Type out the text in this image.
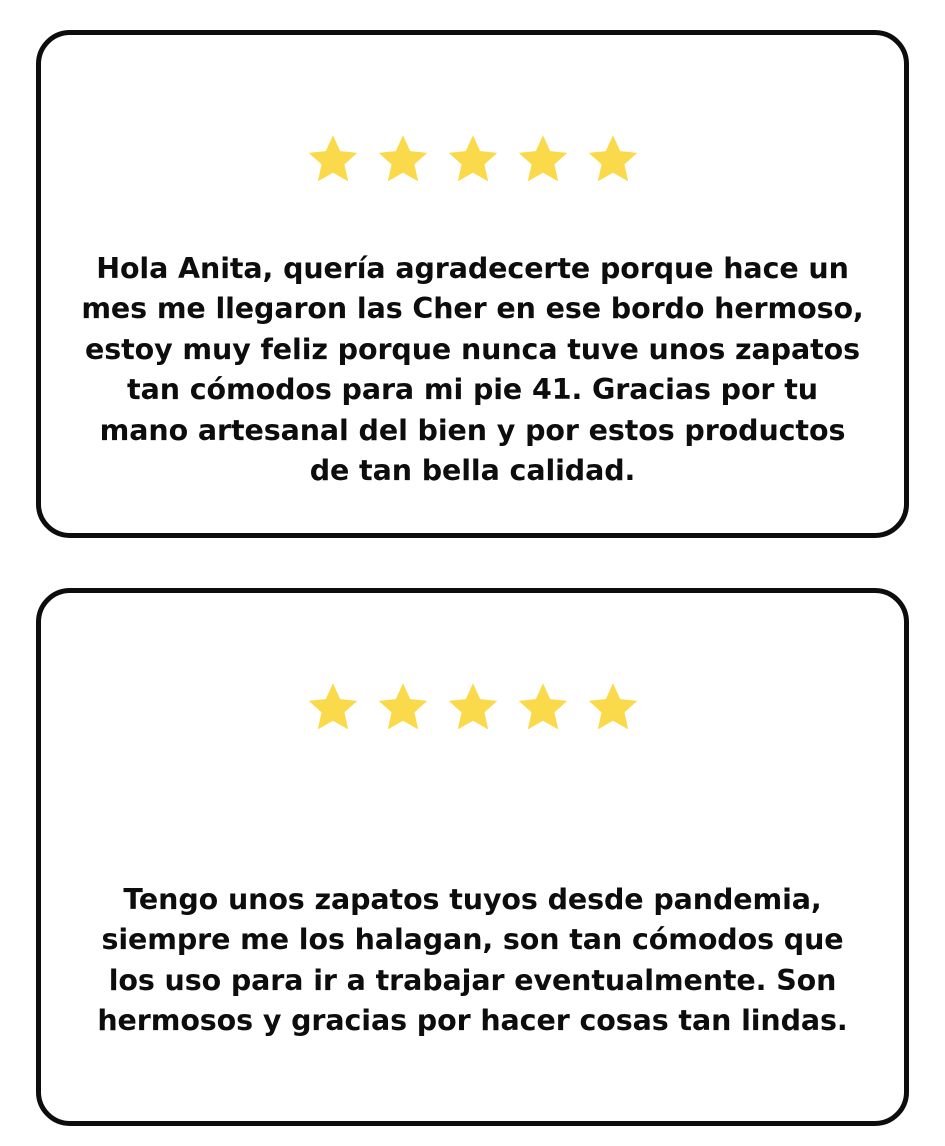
Hola Anita, quería agradecerte porque hace un mes me llegaron las Cher en ese bordo hermoso, estoy muy feliz porque nunca tuve unos zapatos tan cómodos para mi pie 41. Gracias por tu mano artesanal del bien y por estos productos de tan bella calidad.

Tengo unos zapatos tuyos desde pandemia, siempre me los halagan, son tan cómodos que los uso para ir a trabajar eventualmente. Son hermosos y gracias por hacer cosas tan lindas.
